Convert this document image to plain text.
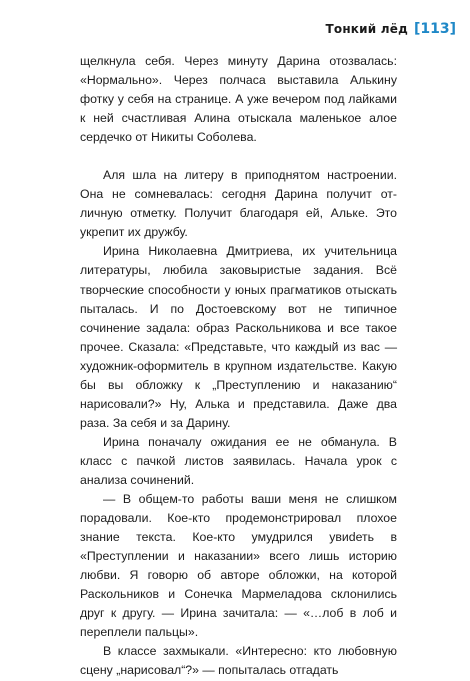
Тонкий лёд [113]

щелкнула себя. Через минуту Дарина отозвалась: «Нормально». Через полчаса выставила Алькину фотку у себя на странице. А уже вечером под лайками к ней счастливая Алина отыскала маленькое алое сердечко от Никиты Соболева.

Аля шла на литеру в приподнятом настроении. Она не сомневалась: сегодня Дарина получит отличную отметку. Получит благодаря ей, Альке. Это укрепит их дружбу.

Ирина Николаевна Дмитриева, их учительница литературы, любила заковыристые задания. Всё творческие способности у юных прагматиков отыскать пыталась. И по Достоевскому вот не типичное сочинение задала: образ Раскольникова и все такое прочее. Сказала: «Представьте, что каждый из вас — художник-оформитель в крупном издательстве. Какую бы вы обложку к „Преступлению и наказанию“ нарисовали?» Ну, Алька и представила. Даже два раза. За себя и за Дарину.

Ирина поначалу ожидания ее не обманула. В класс с пачкой листов заявилась. Начала урок с анализа сочинений.

— В общем-то работы ваши меня не слишком порадовали. Кое-кто продемонстрировал плохое знание текста. Кое-кто умудрился увиdеть в «Преступлении и наказании» всего лишь историю любви. Я говорю об авторе обложки, на которой Раскольников и Сонечка Мармеладова склонились друг к другу. — Ирина зачитала: — «…лоб в лоб и переплели пальцы».

В классе захмыкали. «Интересно: кто любовную сцену „нарисовал“?» — попыталась отгадать
